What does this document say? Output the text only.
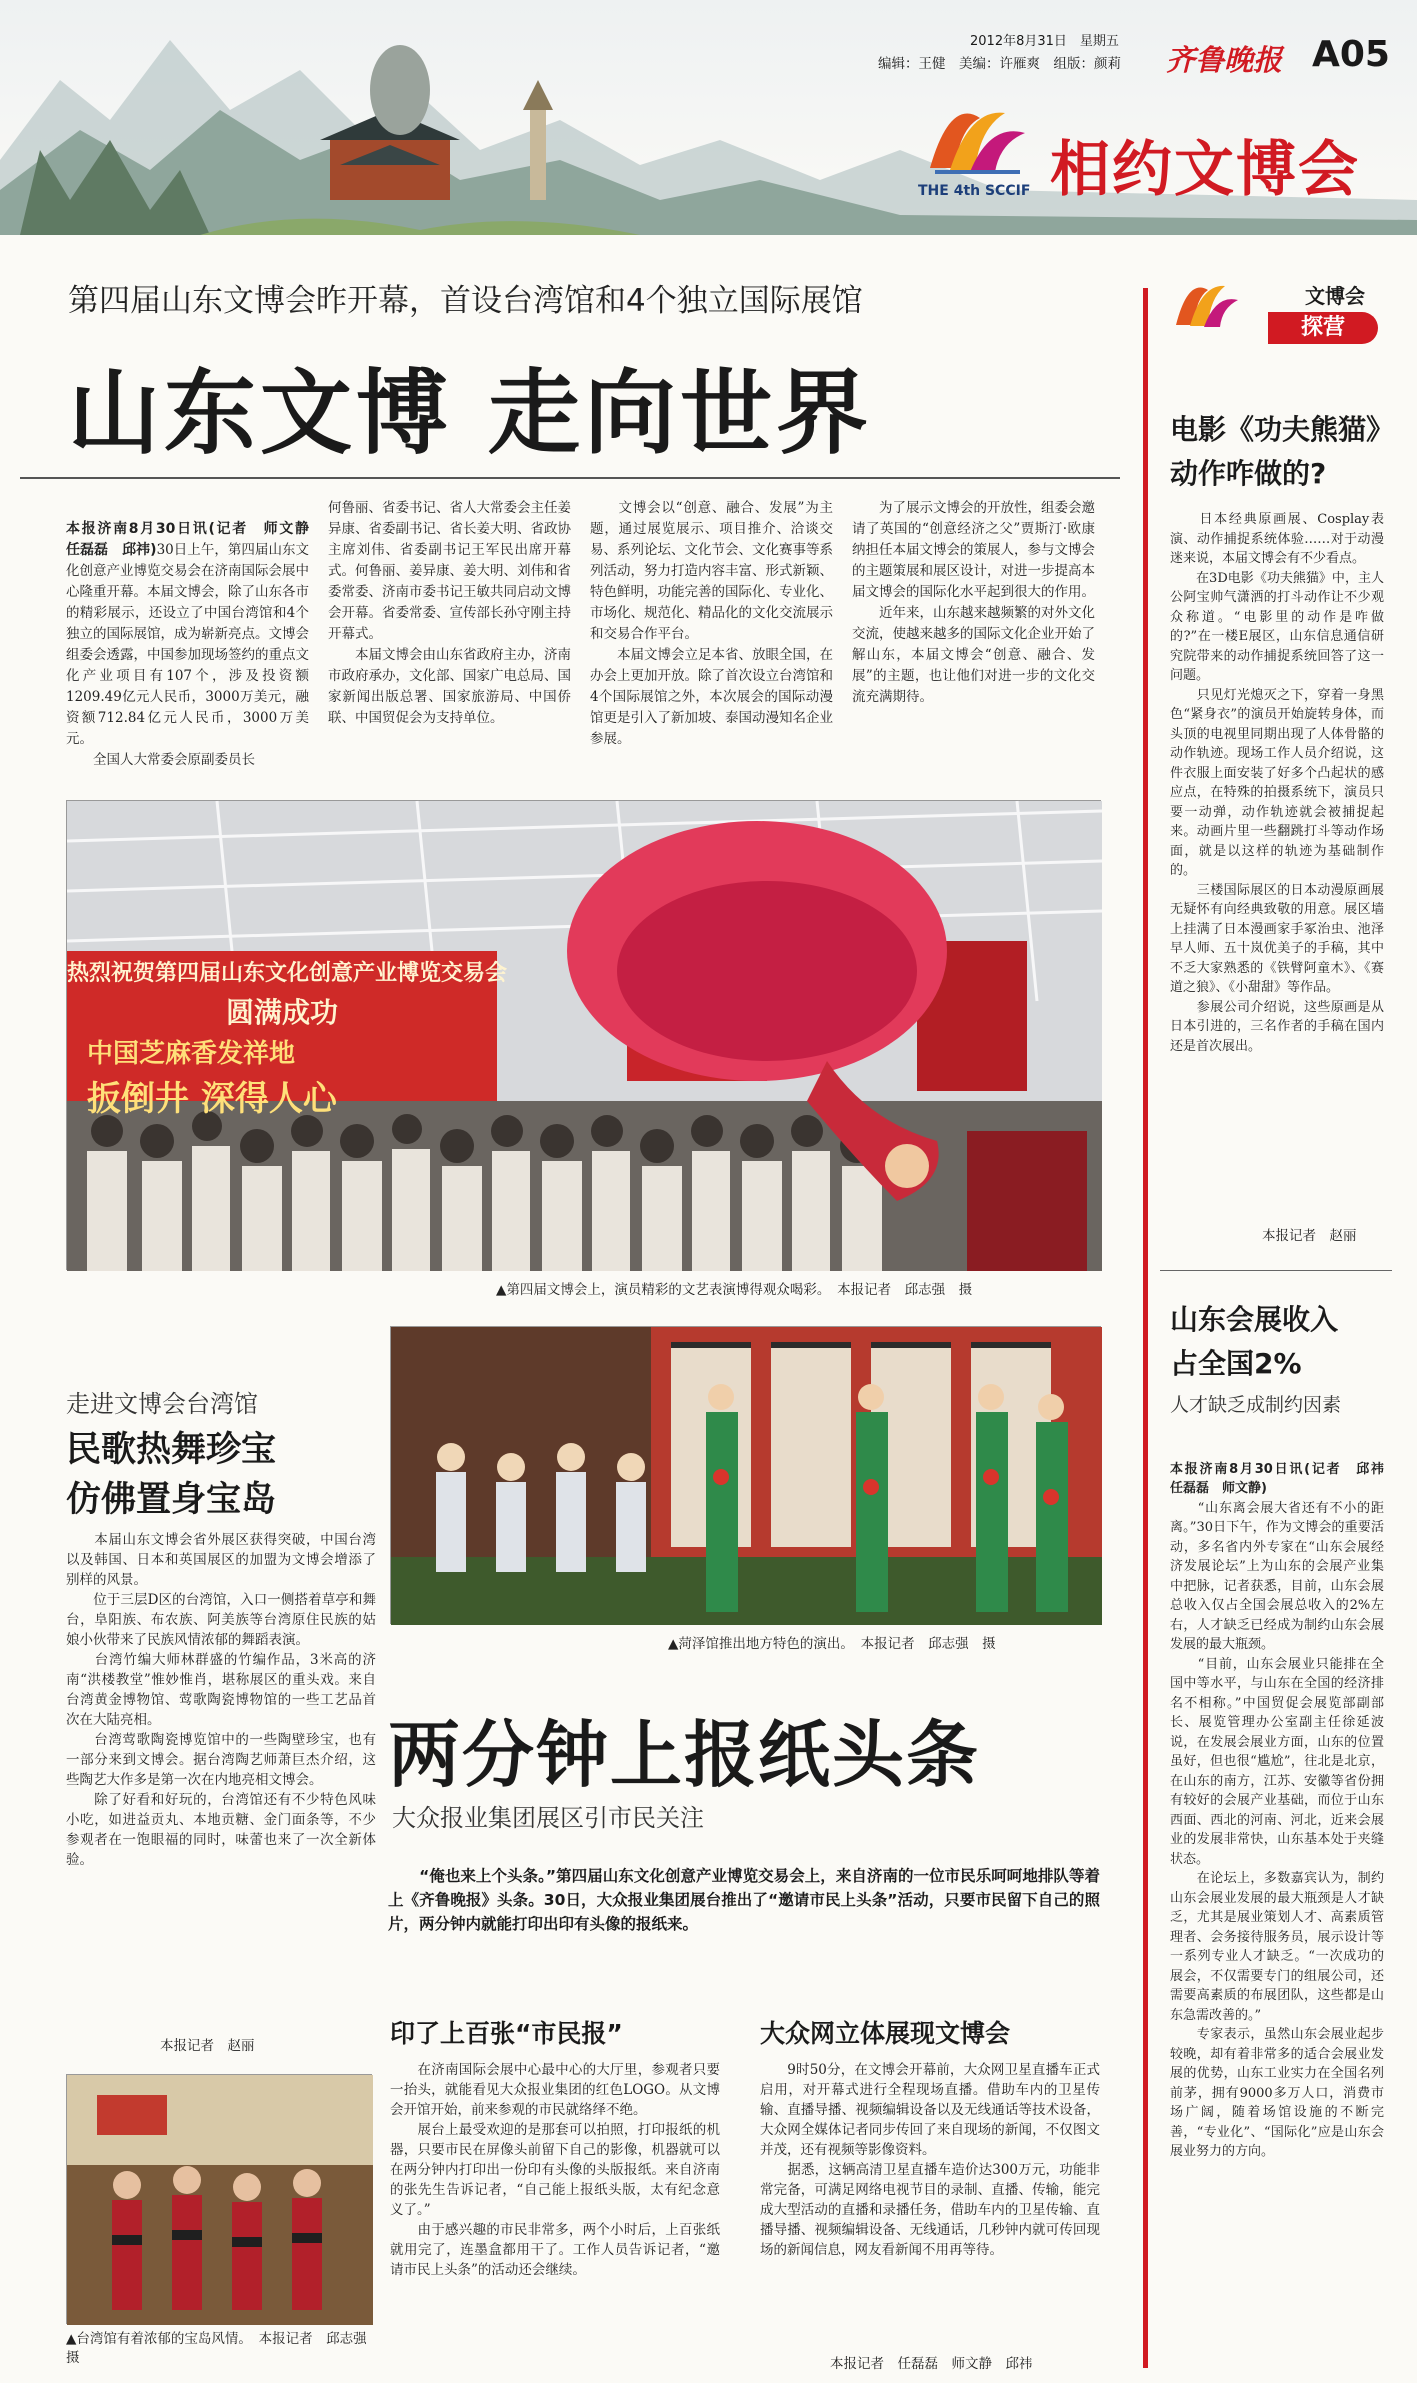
2012年8月31日　 星期五
编辑：王健　美编：许雁爽　组版：颜莉 齐鲁晚报 A05
THE 4th SCCIF 相约文博会
第四届山东文博会昨开幕，首设台湾馆和4个独立国际展馆
山东文博 走向世界

本报济南8月30日讯(记者　师文静　任磊磊　邱祎)30日上午，第四届山东文化创意产业博览交易会在济南国际会展中心隆重开幕。本届文博会，除了山东各市的精彩展示，还设立了中国台湾馆和4个独立的国际展馆，成为崭新亮点。文博会组委会透露，中国参加现场签约的重点文化产业项目有107个，涉及投资额1209.49亿元人民币，3000万美元，融资额712.84亿元人民币，3000万美元。
　　全国人大常委会原副委员长

何鲁丽、省委书记、省人大常委会主任姜异康、省委副书记、省长姜大明、省政协主席刘伟、省委副书记王军民出席开幕式。何鲁丽、姜异康、姜大明、刘伟和省委常委、济南市委书记王敏共同启动文博会开幕。省委常委、宣传部长孙守刚主持开幕式。
　　本届文博会由山东省政府主办，济南市政府承办，文化部、国家广电总局、国家新闻出版总署、国家旅游局、中国侨联、中国贸促会为支持单位。
　　文博会以“创意、融合、发展”为主题，通过展览展示、项目推介、洽谈交易、系列论坛、文化节会、文化赛事等系列活动，努力打造内容丰富、形式新颖、特色鲜明，功能完善的国际化、专业化、市场化、规范化、精品化的文化交流展示和交易合作平台。
　　本届文博会立足本省、放眼全国，在办会上更加开放。除了首次设立台湾馆和4个国际展馆之外，本次展会的国际动漫馆更是引入了新加坡、泰国动漫知名企业参展。
　　为了展示文博会的开放性，组委会邀请了英国的“创意经济之父”贾斯汀·欧康纳担任本届文博会的策展人，参与文博会的主题策展和展区设计，对进一步提高本届文博会的国际化水平起到很大的作用。
　　近年来，山东越来越频繁的对外文化交流，使越来越多的国际文化企业开始了解山东，本届文博会“创意、融合、发展”的主题，也让他们对进一步的文化交流充满期待。
热烈祝贺第四届山东文化创意产业博览交易会
圆满成功
中国芝麻香发祥地
扳倒井 深得人心
▲第四届文博会上，演员精彩的文艺表演博得观众喝彩。　 本报记者　邱志强　摄
▲菏泽馆推出地方特色的演出。　 本报记者　邱志强　摄
走进文博会台湾馆
民歌热舞珍宝
仿佛置身宝岛
　　本届山东文博会省外展区获得突破，中国台湾以及韩国、日本和英国展区的加盟为文博会增添了别样的风景。
　　位于三层D区的台湾馆，入口一侧搭着草亭和舞台，阜阳族、布农族、阿美族等台湾原住民族的姑娘小伙带来了民族风情浓郁的舞蹈表演。
　　台湾竹编大师林群盛的竹编作品，3米高的济南“洪楼教堂”惟妙惟肖，堪称展区的重头戏。来自台湾黄金博物馆、莺歌陶瓷博物馆的一些工艺品首次在大陆亮相。
　　台湾莺歌陶瓷博览馆中的一些陶壁珍宝，也有一部分来到文博会。据台湾陶艺师萧巨杰介绍，这些陶艺大作多是第一次在内地亮相文博会。
　　除了好看和好玩的，台湾馆还有不少特色风味小吃，如进益贡丸、本地贡糖、金门面条等，不少参观者在一饱眼福的同时，味蕾也来了一次全新体验。
本报记者　赵丽
▲台湾馆有着浓郁的宝岛风情。　本报记者　邱志强　摄
两分钟上报纸头条
大众报业集团展区引市民关注
　　“俺也来上个头条。”第四届山东文化创意产业博览交易会上，来自济南的一位市民乐呵呵地排队等着上《齐鲁晚报》头条。30日，大众报业集团展台推出了“邀请市民上头条”活动，只要市民留下自己的照片，两分钟内就能打印出印有头像的报纸来。
印了上百张“市民报”
　　在济南国际会展中心最中心的大厅里，参观者只要一抬头，就能看见大众报业集团的红色LOGO。从文博会开馆开始，前来参观的市民就络绎不绝。
　　展台上最受欢迎的是那套可以拍照，打印报纸的机器，只要市民在屏像头前留下自己的影像，机器就可以在两分钟内打印出一份印有头像的头版报纸。来自济南的张先生告诉记者，“自己能上报纸头版，太有纪念意义了。”
　　由于感兴趣的市民非常多，两个小时后，上百张纸就用完了，连墨盒都用干了。工作人员告诉记者，“邀请市民上头条”的活动还会继续。
大众网立体展现文博会
　　9时50分，在文博会开幕前，大众网卫星直播车正式启用，对开幕式进行全程现场直播。借助车内的卫星传输、直播导播、视频编辑设备以及无线通话等技术设备，大众网全媒体记者同步传回了来自现场的新闻，不仅图文并茂，还有视频等影像资料。
　　据悉，这辆高清卫星直播车造价达300万元，功能非常完备，可满足网络电视节目的录制、直播、传输，能完成大型活动的直播和录播任务，借助车内的卫星传输、直播导播、视频编辑设备、无线通话，几秒钟内就可传回现场的新闻信息，网友看新闻不用再等待。
本报记者　任磊磊　师文静　邱祎
文博会
探营
电影《功夫熊猫》
动作咋做的?
　　日本经典原画展、Cosplay表演、动作捕捉系统体验……对于动漫迷来说，本届文博会有不少看点。
　　在3D电影《功夫熊猫》中，主人公阿宝帅气潇洒的打斗动作让不少观众称道。“电影里的动作是咋做的?”在一楼E展区，山东信息通信研究院带来的动作捕捉系统回答了这一问题。
　　只见灯光熄灭之下，穿着一身黑色“紧身衣”的演员开始旋转身体，而头顶的电视里同期出现了人体骨骼的动作轨迹。现场工作人员介绍说，这件衣服上面安装了好多个凸起状的感应点，在特殊的拍摄系统下，演员只要一动弹，动作轨迹就会被捕捉起来。动画片里一些翻跳打斗等动作场面，就是以这样的轨迹为基础制作的。
　　三楼国际展区的日本动漫原画展无疑怀有向经典致敬的用意。展区墙上挂满了日本漫画家手冢治虫、池泽早人师、五十岚优美子的手稿，其中不乏大家熟悉的《铁臂阿童木》、《赛道之狼》、《小甜甜》等作品。
　　参展公司介绍说，这些原画是从日本引进的，三名作者的手稿在国内还是首次展出。
本报记者　赵丽
山东会展收入
占全国2%
人才缺乏成制约因素

本报济南8月30日讯(记者　邱祎　任磊磊　师文静)
　　“山东离会展大省还有不小的距离。”30日下午，作为文博会的重要活动，多名省内外专家在“山东会展经济发展论坛”上为山东的会展产业集中把脉，记者获悉，目前，山东会展总收入仅占全国会展总收入的2%左右，人才缺乏已经成为制约山东会展发展的最大瓶颈。
　　“目前，山东会展业只能排在全国中等水平，与山东在全国的经济排名不相称。”中国贸促会展览部副部长、展览管理办公室副主任徐延波说，在发展会展业方面，山东的位置虽好，但也很“尴尬”，往北是北京，在山东的南方，江苏、安徽等省份拥有较好的会展产业基础，而位于山东西面、西北的河南、河北，近来会展业的发展非常快，山东基本处于夹缝状态。
　　在论坛上，多数嘉宾认为，制约山东会展业发展的最大瓶颈是人才缺乏，尤其是展业策划人才、高素质管理者、会务接待服务员，展示设计等一系列专业人才缺乏。“一次成功的展会，不仅需要专门的组展公司，还需要高素质的布展团队，这些都是山东急需改善的。”
　　专家表示，虽然山东会展业起步较晚，却有着非常多的适合会展业发展的优势，山东工业实力在全国名列前茅，拥有9000多万人口，消费市场广阔，随着场馆设施的不断完善，“专业化”、“国际化”应是山东会展业努力的方向。
